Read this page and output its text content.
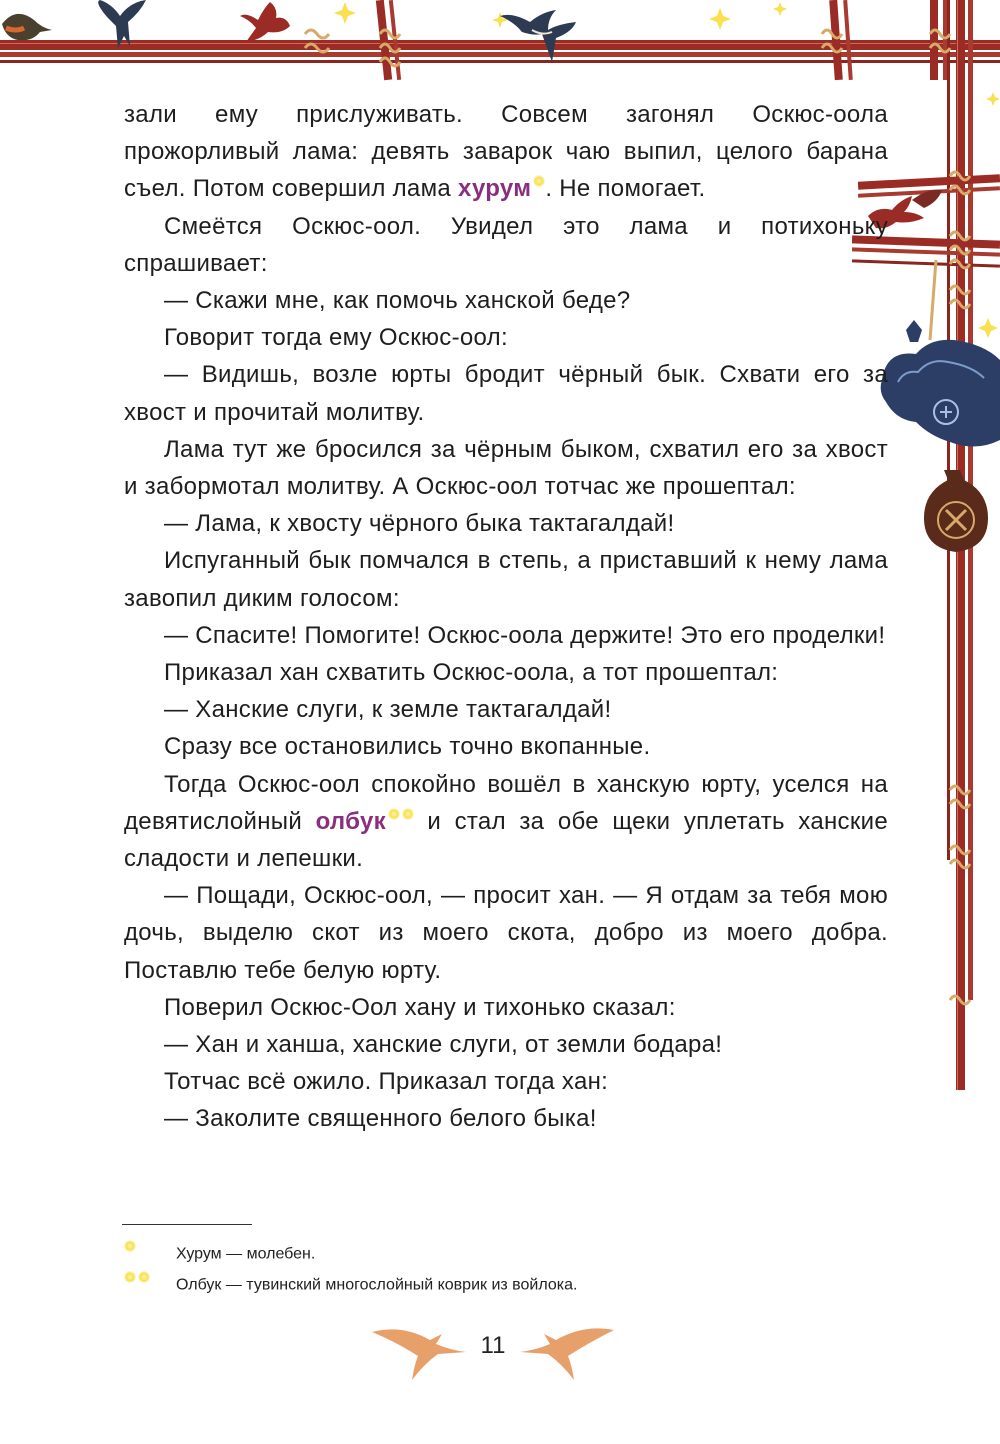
зали ему прислуживать. Совсем загонял Оскюс-оола прожорливый лама: девять заварок чаю выпил, целого барана съел. Потом совершил лама хурум . Не помогает.
Смеётся Оскюс-оол. Увидел это лама и потихоньку спрашивает:
— Скажи мне, как помочь ханской беде?
Говорит тогда ему Оскюс-оол:
— Видишь, возле юрты бродит чёрный бык. Схвати его за хвост и прочитай молитву.
Лама тут же бросился за чёрным быком, схватил его за хвост и забормотал молитву. А Оскюс-оол тотчас же прошептал:
— Лама, к хвосту чёрного быка тактагалдай!
Испуганный бык помчался в степь, а приставший к нему лама завопил диким голосом:
— Спасите! Помогите! Оскюс-оола держите! Это его проделки!
Приказал хан схватить Оскюс-оола, а тот прошептал:
— Ханские слуги, к земле тактагалдай!
Сразу все остановились точно вкопанные.
Тогда Оскюс-оол спокойно вошёл в ханскую юрту, уселся на девятислойный олбук и стал за обе щеки уплетать ханские сладости и лепешки.
— Пощади, Оскюс-оол, — просит хан. — Я отдам за тебя мою дочь, выделю скот из моего скота, добро из моего добра. Поставлю тебе белую юрту.
Поверил Оскюс-Оол хану и тихонько сказал:
— Хан и ханша, ханские слуги, от земли бодара!
Тотчас всё ожило. Приказал тогда хан:
— Заколите священного белого быка!
Хурум — молебен.
Олбук — тувинский многослойный коврик из войлока.
11
